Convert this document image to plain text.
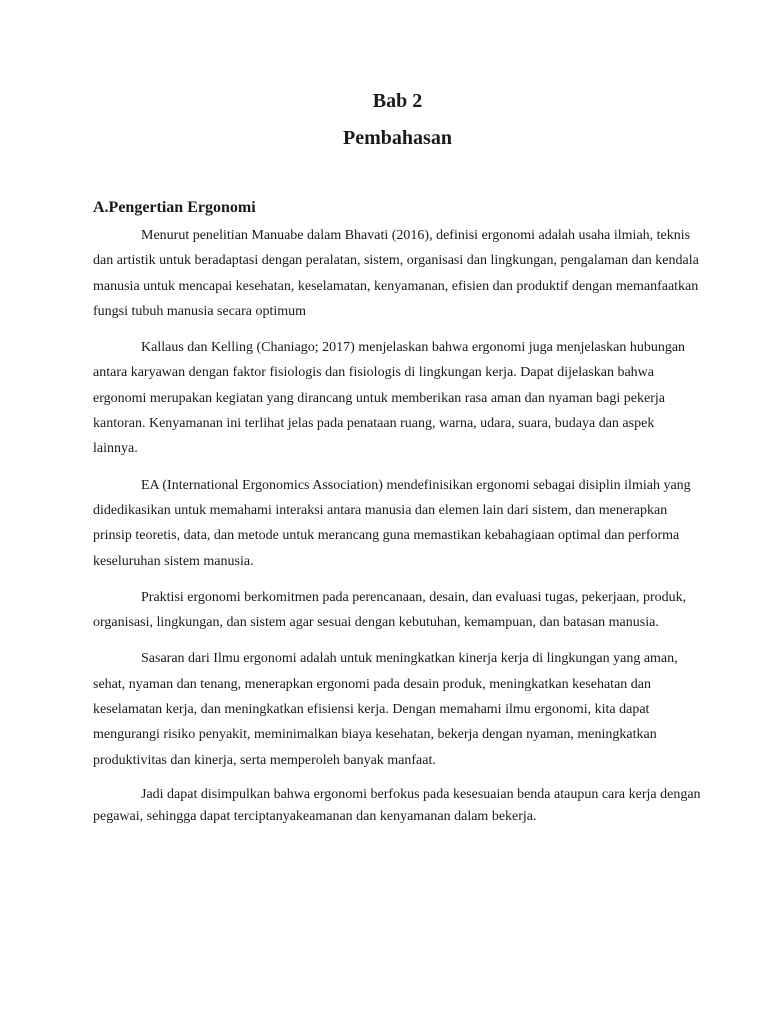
Bab 2
Pembahasan
A.Pengertian Ergonomi

Menurut penelitian Manuabe dalam Bhavati (2016), definisi ergonomi adalah usaha ilmiah, teknis dan artistik untuk beradaptasi dengan peralatan, sistem, organisasi dan lingkungan, pengalaman dan kendala manusia untuk mencapai kesehatan, keselamatan, kenyamanan, efisien dan produktif dengan memanfaatkan fungsi tubuh manusia secara optimum

Kallaus dan Kelling (Chaniago; 2017) menjelaskan bahwa ergonomi juga menjelaskan hubungan antara karyawan dengan faktor fisiologis dan fisiologis di lingkungan kerja. Dapat dijelaskan bahwa ergonomi merupakan kegiatan yang dirancang untuk memberikan rasa aman dan nyaman bagi pekerja kantoran. Kenyamanan ini terlihat jelas pada penataan ruang, warna, udara, suara, budaya dan aspek lainnya.

EA (International Ergonomics Association) mendefinisikan ergonomi sebagai disiplin ilmiah yang didedikasikan untuk memahami interaksi antara manusia dan elemen lain dari sistem, dan menerapkan prinsip teoretis, data, dan metode untuk merancang guna memastikan kebahagiaan optimal dan performa keseluruhan sistem manusia.

Praktisi ergonomi berkomitmen pada perencanaan, desain, dan evaluasi tugas, pekerjaan, produk, organisasi, lingkungan, dan sistem agar sesuai dengan kebutuhan, kemampuan, dan batasan manusia.

Sasaran dari Ilmu ergonomi adalah untuk meningkatkan kinerja kerja di lingkungan yang aman, sehat, nyaman dan tenang, menerapkan ergonomi pada desain produk, meningkatkan kesehatan dan keselamatan kerja, dan meningkatkan efisiensi kerja. Dengan memahami ilmu ergonomi, kita dapat mengurangi risiko penyakit, meminimalkan biaya kesehatan, bekerja dengan nyaman, meningkatkan produktivitas dan kinerja, serta memperoleh banyak manfaat.

Jadi dapat disimpulkan bahwa ergonomi berfokus pada kesesuaian benda ataupun cara kerja dengan pegawai, sehingga dapat terciptanyakeamanan dan kenyamanan dalam bekerja.
